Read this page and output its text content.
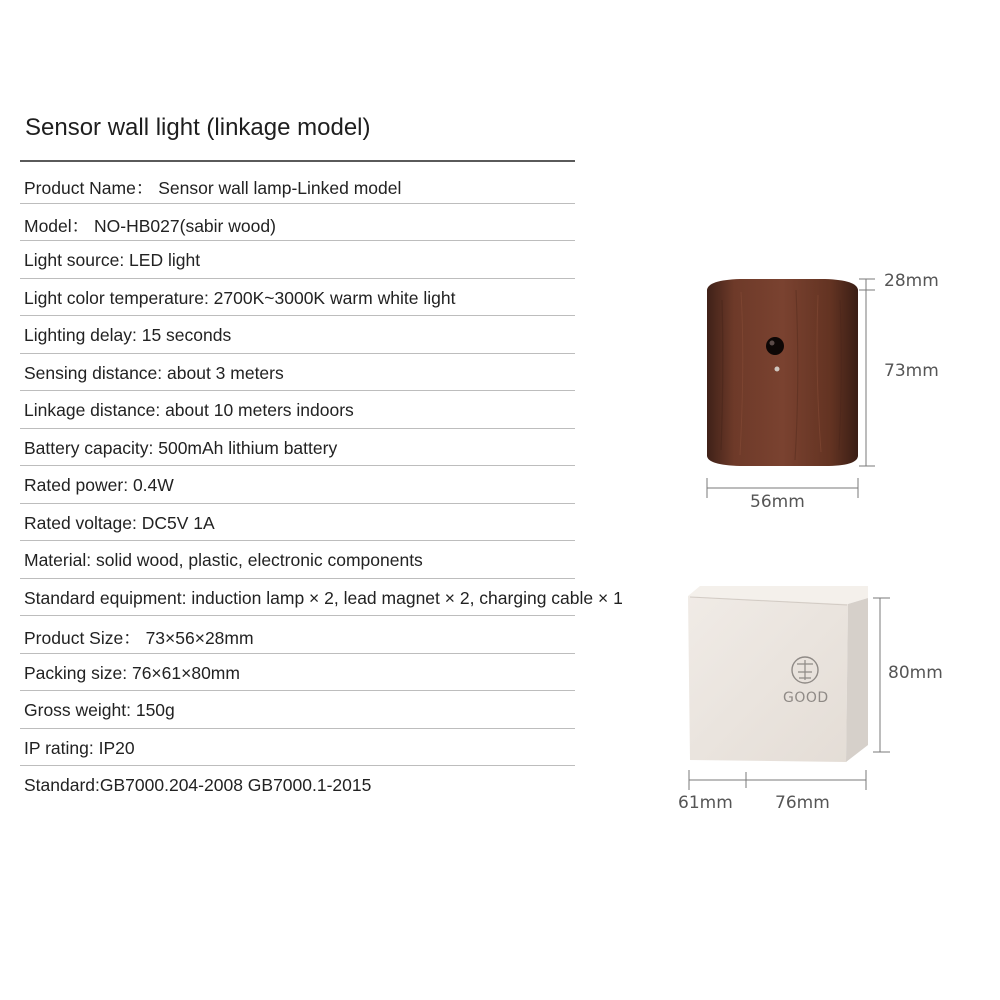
Sensor wall light (linkage model)
Product Name： Sensor wall lamp-Linked model
Model： NO-HB027(sabir wood)
Light source: LED light
Light color temperature: 2700K~3000K warm white light
Lighting delay: 15 seconds
Sensing distance: about 3 meters
Linkage distance: about 10 meters indoors
Battery capacity: 500mAh lithium battery
Rated power: 0.4W
Rated voltage: DC5V 1A
Material: solid wood, plastic, electronic components
Standard equipment: induction lamp × 2, lead magnet × 2, charging cable × 1
Product Size： 73×56×28mm
Packing size: 76×61×80mm
Gross weight: 150g
IP rating: IP20
Standard:GB7000.204-2008 GB7000.1-2015
28mm
73mm
56mm
GOOD
80mm
61mm 76mm
